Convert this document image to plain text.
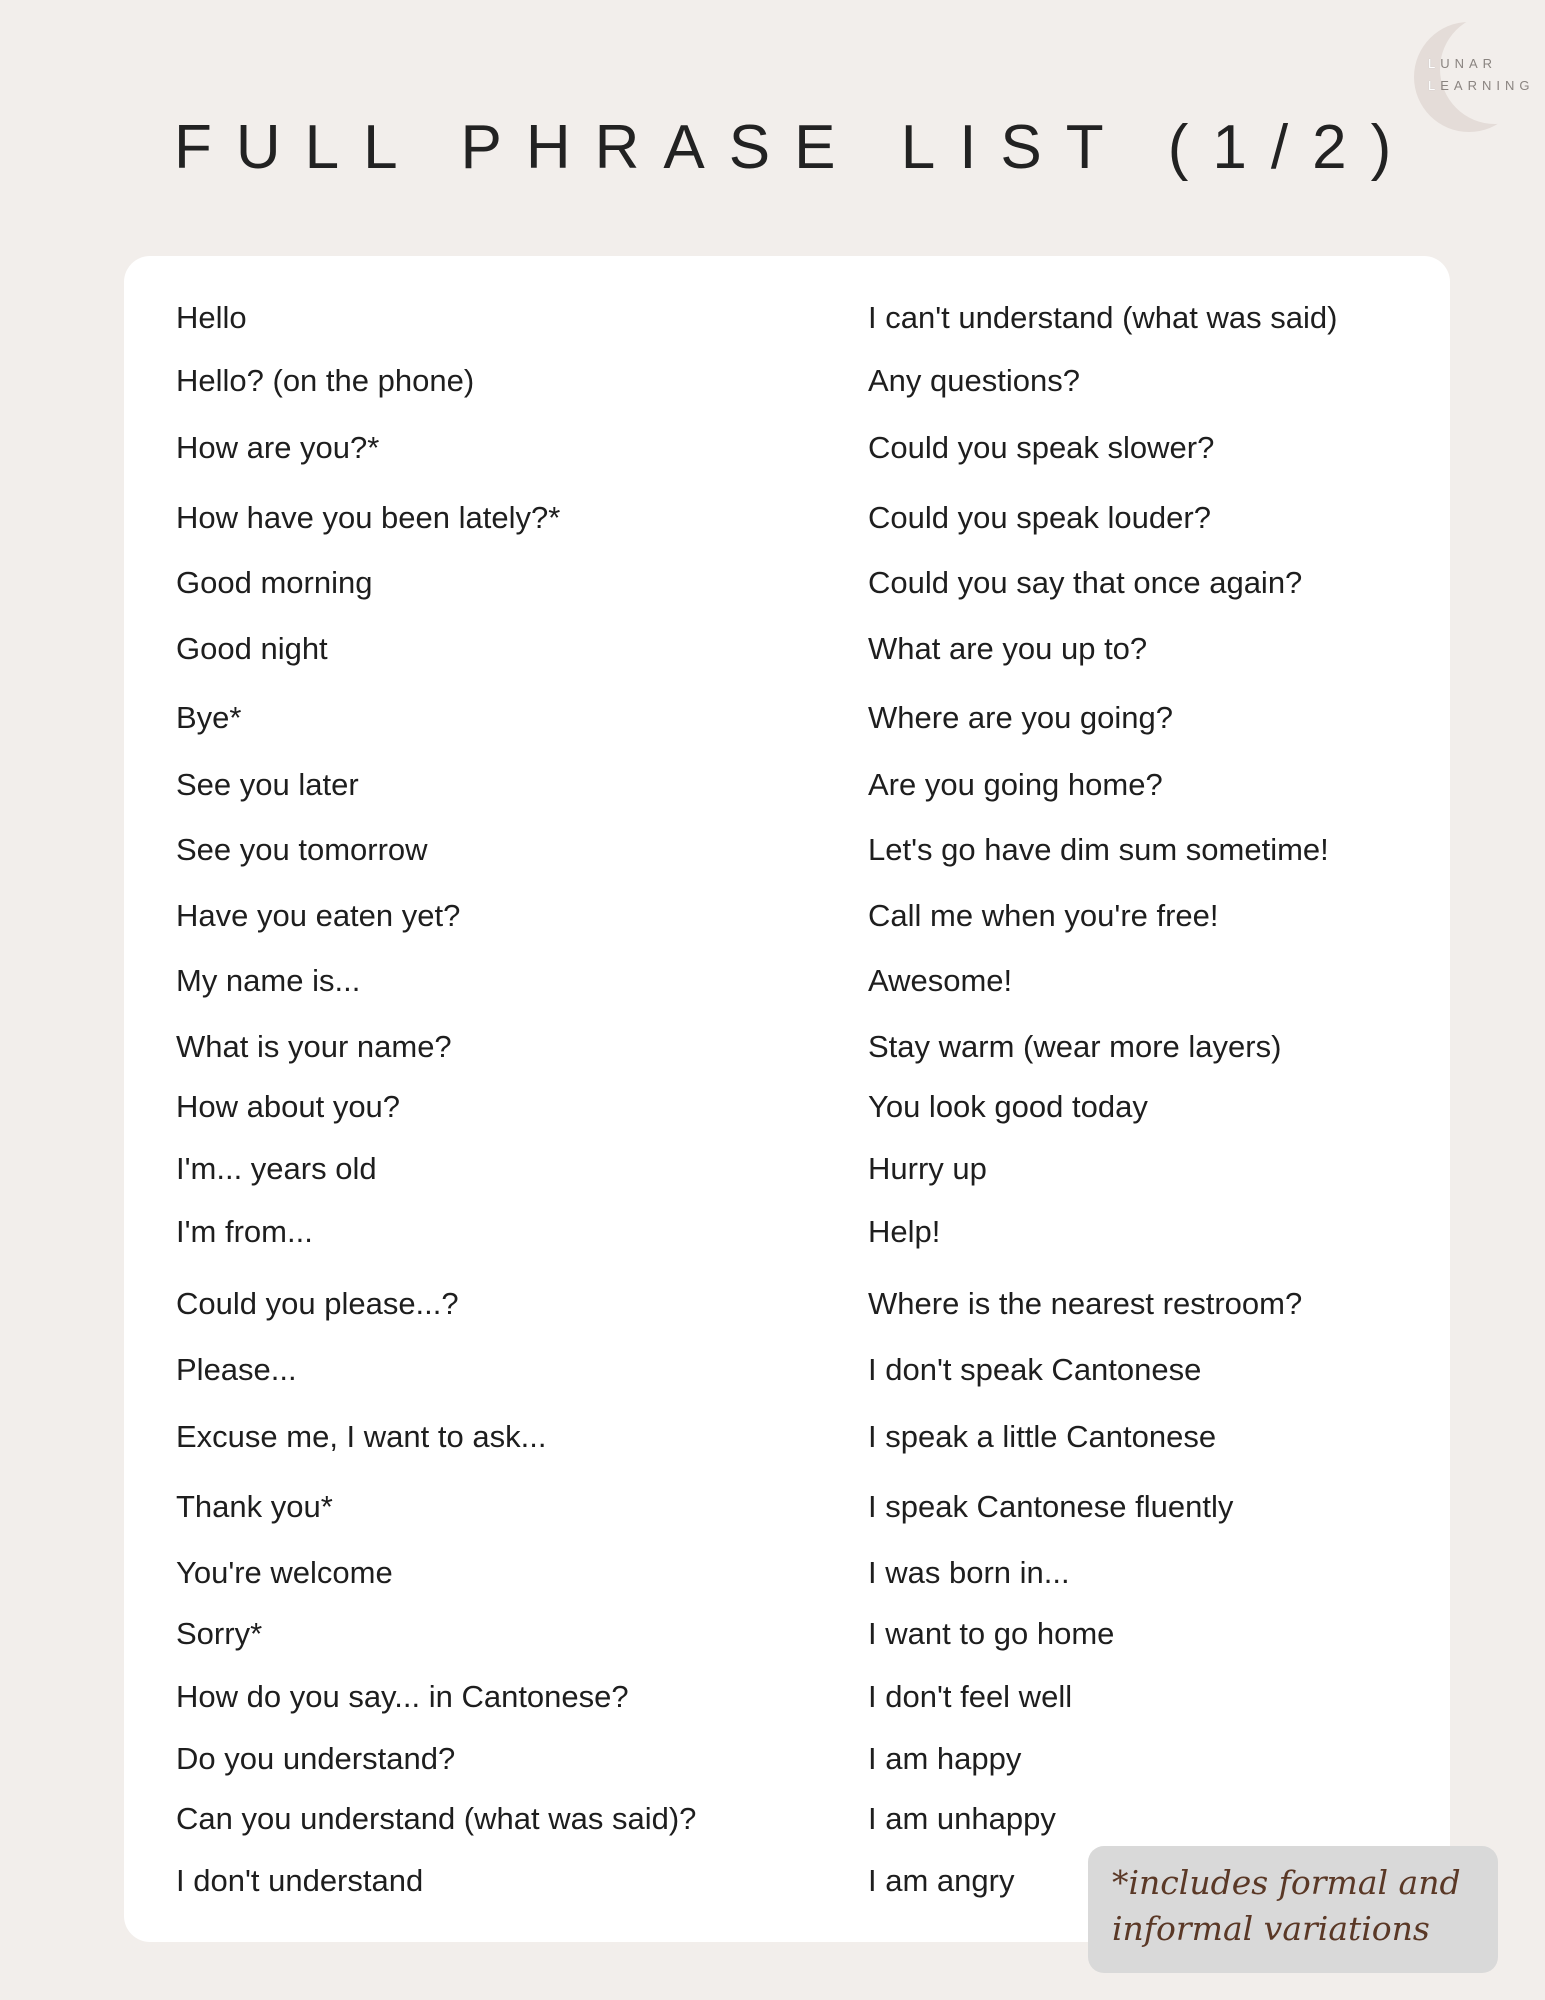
LUNAR
LEARNING
FULL PHRASE LIST (1/2)
Hello
Hello? (on the phone)
How are you?*
How have you been lately?*
Good morning
Good night
Bye*
See you later
See you tomorrow
Have you eaten yet?
My name is...
What is your name?
How about you?
I'm... years old
I'm from...
Could you please...?
Please...
Excuse me, I want to ask...
Thank you*
You're welcome
Sorry*
How do you say... in Cantonese?
Do you understand?
Can you understand (what was said)?
I don't understand
I can't understand (what was said)
Any questions?
Could you speak slower?
Could you speak louder?
Could you say that once again?
What are you up to?
Where are you going?
Are you going home?
Let's go have dim sum sometime!
Call me when you're free!
Awesome!
Stay warm (wear more layers)
You look good today
Hurry up
Help!
Where is the nearest restroom?
I don't speak Cantonese
I speak a little Cantonese
I speak Cantonese fluently
I was born in...
I want to go home
I don't feel well
I am happy
I am unhappy
I am angry	*includes formal and
informal variations
